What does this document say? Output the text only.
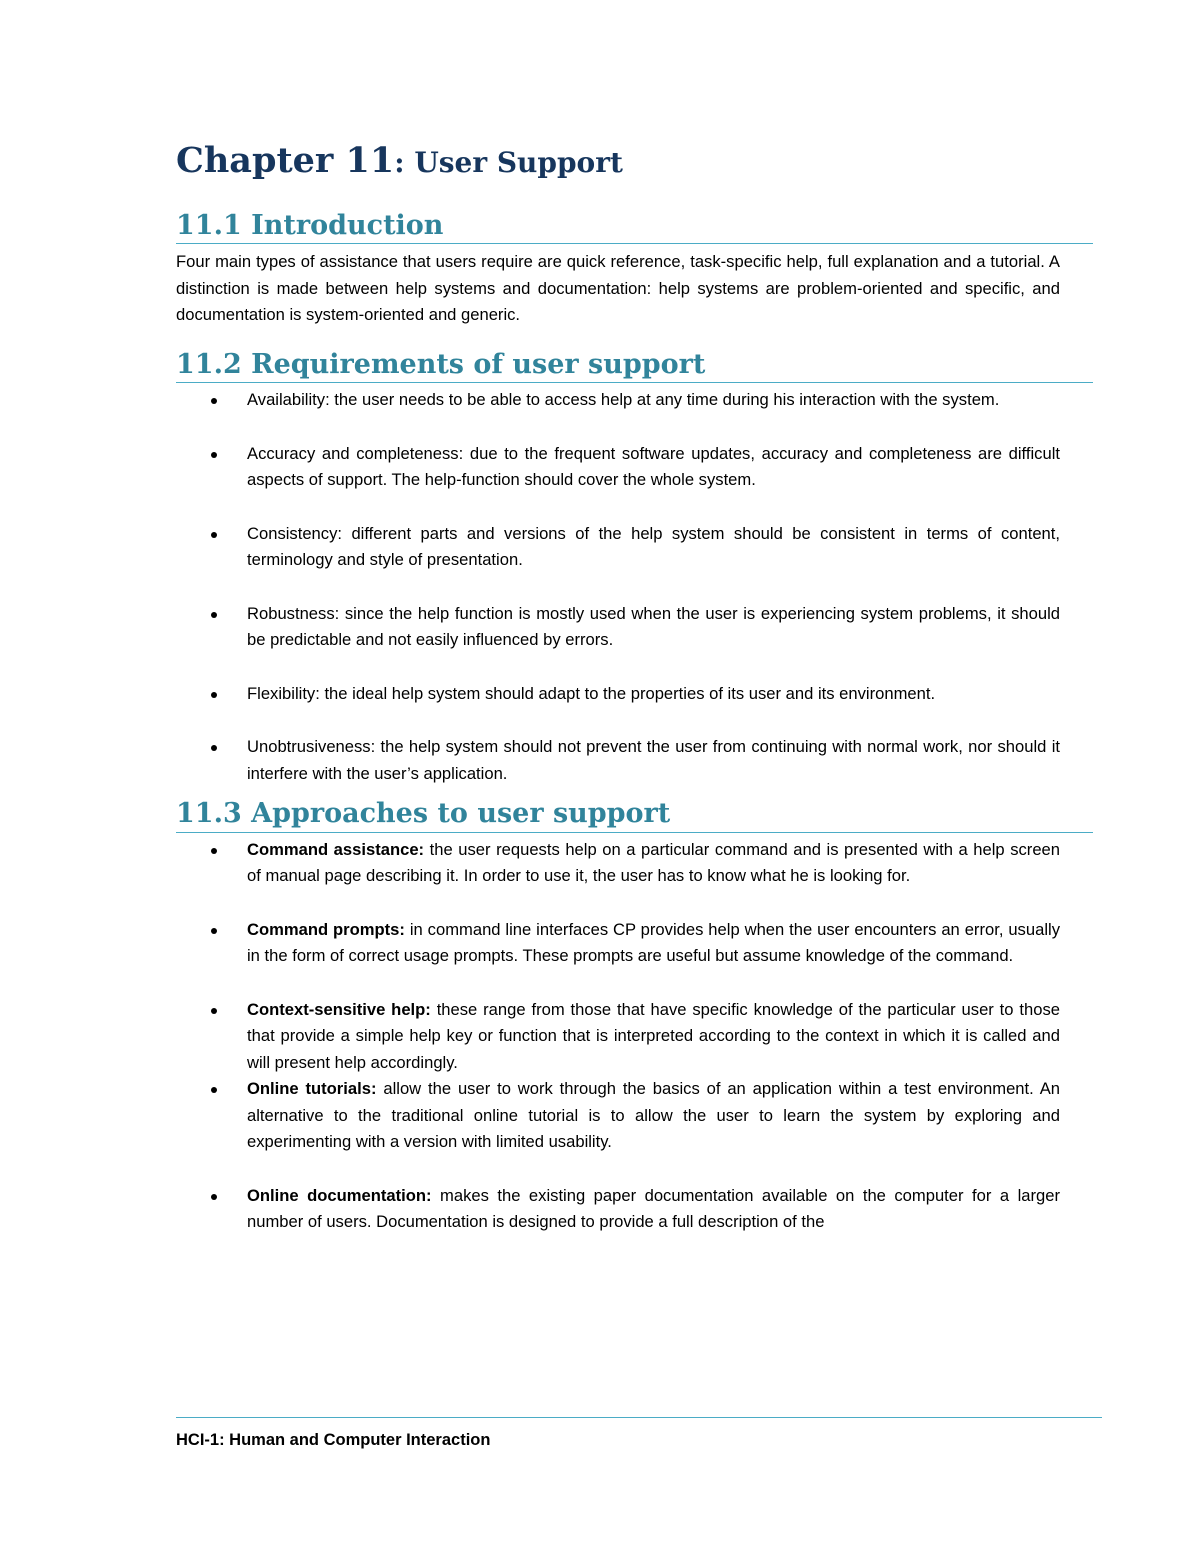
Chapter 11: User Support
11.1 Introduction

Four main types of assistance that users require are quick reference, task-specific help, full explanation and a tutorial. A distinction is made between help systems and documentation: help systems are problem-oriented and specific, and documentation is system-oriented and generic.

11.2 Requirements of user support
Availability: the user needs to be able to access help at any time during his interaction with the system.
Accuracy and completeness: due to the frequent software updates, accuracy and completeness are difficult aspects of support. The help-function should cover the whole system.
Consistency: different parts and versions of the help system should be consistent in terms of content, terminology and style of presentation.
Robustness: since the help function is mostly used when the user is experiencing system problems, it should be predictable and not easily influenced by errors.
Flexibility: the ideal help system should adapt to the properties of its user and its environment.
Unobtrusiveness: the help system should not prevent the user from continuing with normal work, nor should it interfere with the user’s application.
11.3 Approaches to user support
Command assistance: the user requests help on a particular command and is presented with a help screen of manual page describing it. In order to use it, the user has to know what he is looking for.
Command prompts: in command line interfaces CP provides help when the user encounters an error, usually in the form of correct usage prompts. These prompts are useful but assume knowledge of the command.
Context-sensitive help: these range from those that have specific knowledge of the particular user to those that provide a simple help key or function that is interpreted according to the context in which it is called and will present help accordingly.
Online tutorials: allow the user to work through the basics of an application within a test environment. An alternative to the traditional online tutorial is to allow the user to learn the system by exploring and experimenting with a version with limited usability.
Online documentation: makes the existing paper documentation available on the computer for a larger number of users. Documentation is designed to provide a full description of the
HCI-1: Human and Computer Interaction
